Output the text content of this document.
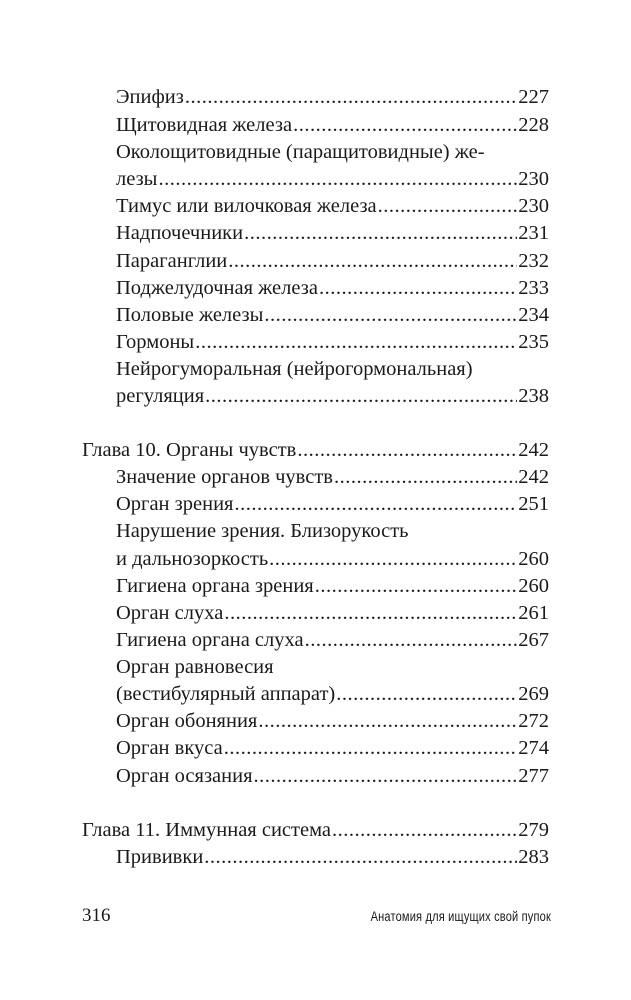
Эпифиз .....	227
Щитовидная железа .....	228
Околощитовидные (паращитовидные) же-
лезы .....	230
Тимус или вилочковая железа .....	230
Надпочечники .....	231
Параганглии .....	232
Поджелудочная железа .....	233
Половые железы .....	234
Гормоны .....	235
Нейрогуморальная (нейрогормональная)
регуляция .....	238
Глава 10. Органы чувств .....	242
Значение органов чувств .....	242
Орган зрения .....	251
Нарушение зрения. Близорукость
и дальнозоркость .....	260
Гигиена органа зрения .....	260
Орган слуха .....	261
Гигиена органа слуха .....	267
Орган равновесия
(вестибулярный аппарат) .....	269
Орган обоняния .....	272
Орган вкуса .....	274
Орган осязания .....	277
Глава 11. Иммунная система .....	279
Прививки .....	283
316	Анатомия для ищущих свой пупок
